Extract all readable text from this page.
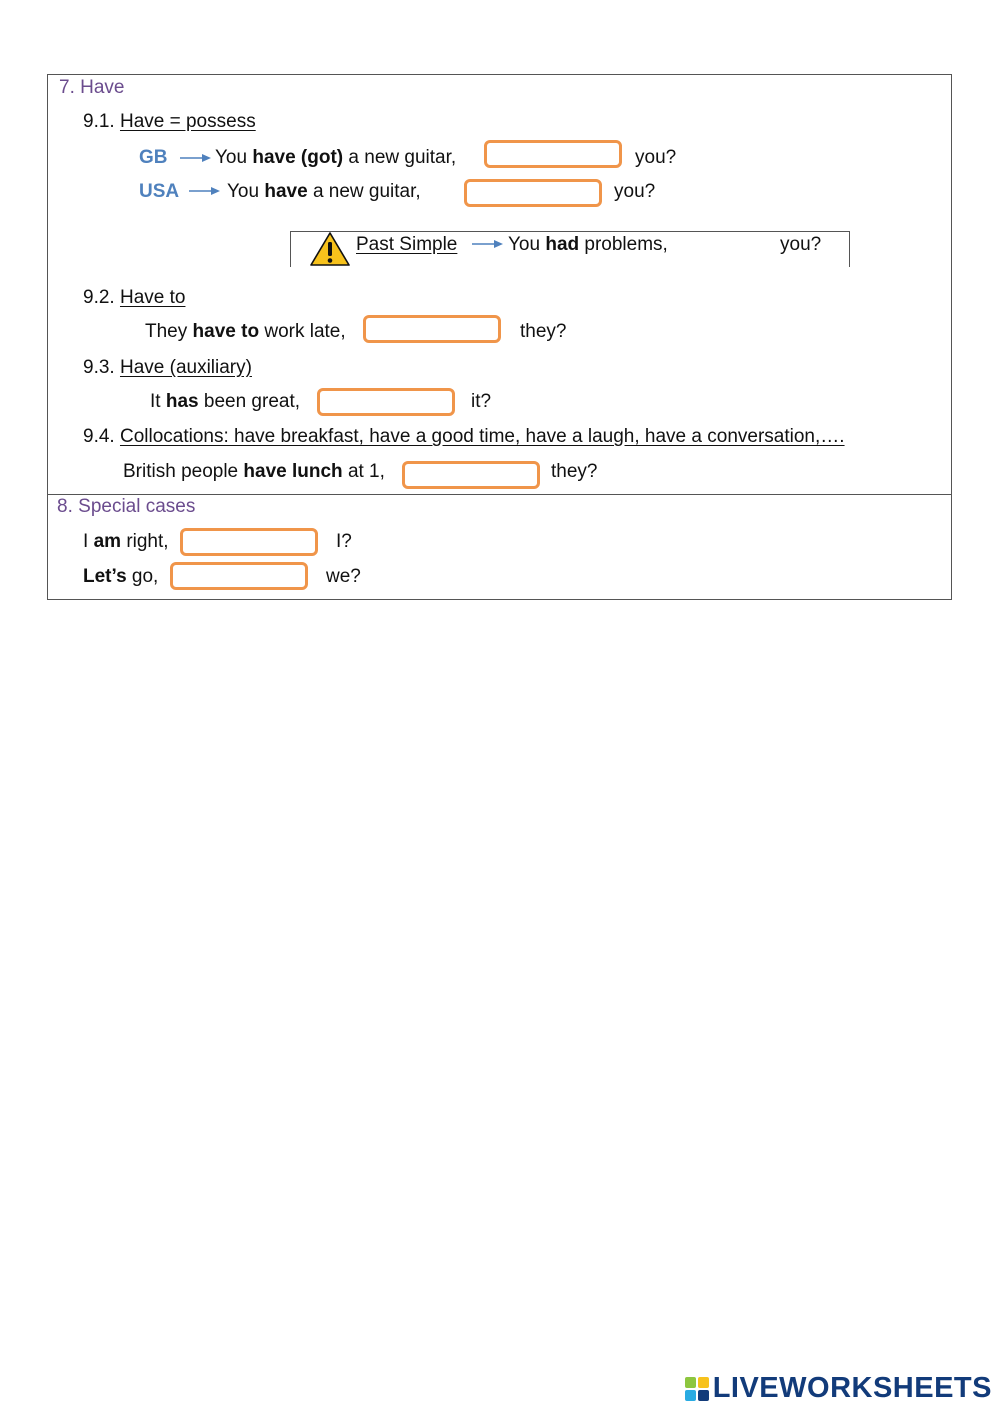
7. Have
9.1. Have = possess
GB	You have (got) a new guitar,	you?
USA	You have a new guitar,	you?
Past Simple	You had problems,	you?
9.2. Have to
They have to work late,	they?
9.3. Have (auxiliary)
It has been great,	it?
9.4. Collocations: have breakfast, have a good time, have a laugh, have a conversation,….
British people have lunch at 1,	they?
8. Special cases
I am right,	I?
Let’s go,	we?
LIVEWORKSHEETS
